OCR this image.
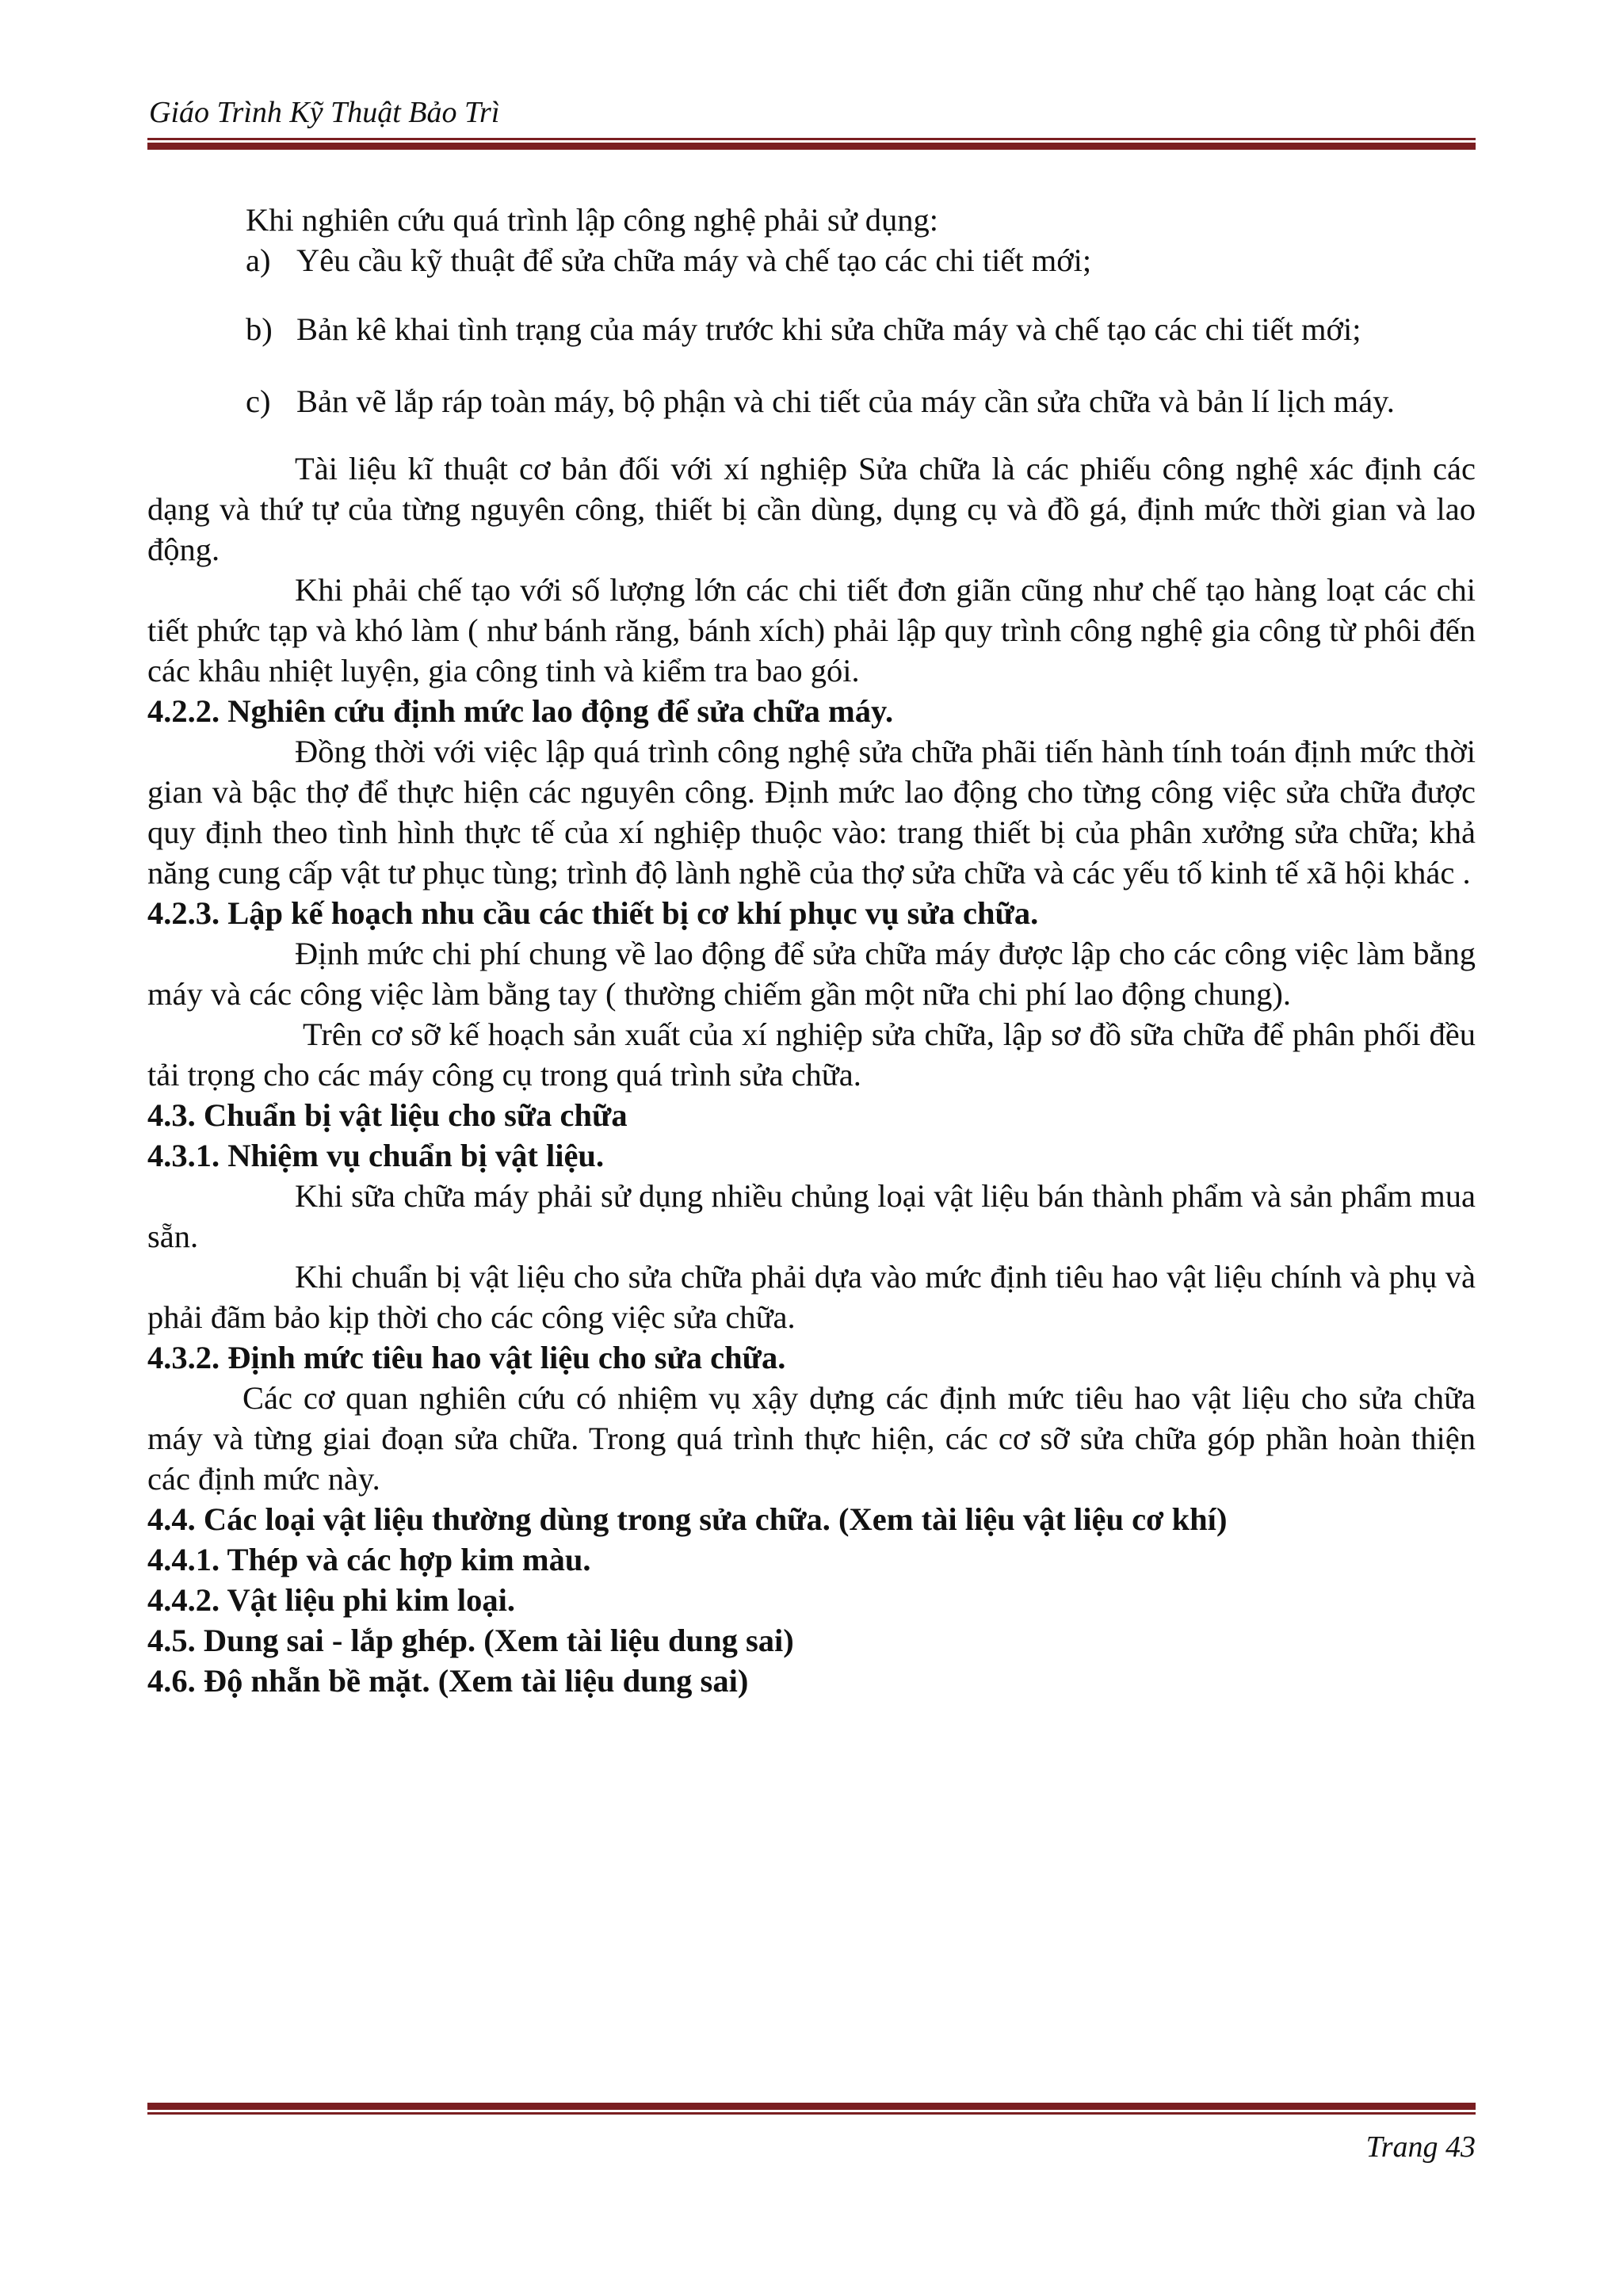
Giáo Trình Kỹ Thuật Bảo Trì

Khi nghiên cứu quá trình lập công nghệ phải sử dụng:

a) Yêu cầu kỹ thuật để sửa chữa máy và chế tạo các chi tiết mới;
b) Bản kê khai tình trạng của máy trước khi sửa chữa máy và chế tạo các chi tiết mới;
c) Bản vẽ lắp ráp toàn máy, bộ phận và chi tiết của máy cần sửa chữa và bản lí lịch máy.

Tài liệu kĩ thuật cơ bản đối với xí nghiệp Sửa chữa là các phiếu công nghệ xác định các dạng và thứ tự của từng nguyên công, thiết bị cần dùng, dụng cụ và đồ gá, định mức thời gian và lao động.

Khi phải chế tạo với số lượng lớn các chi tiết đơn giãn cũng như chế tạo hàng loạt các chi tiết phức tạp và khó làm ( như bánh răng, bánh xích) phải lập quy trình công nghệ gia công từ phôi đến các khâu nhiệt luyện, gia công tinh và kiểm tra bao gói.

4.2.2. Nghiên cứu định mức lao động để sửa chữa máy.

Đồng thời với việc lập quá trình công nghệ sửa chữa phãi tiến hành tính toán định mức thời gian và bậc thợ để thực hiện các nguyên công. Định mức lao động cho từng công việc sửa chữa được quy định theo tình hình thực tế của xí nghiệp thuộc vào: trang thiết bị của phân xưởng sửa chữa; khả năng cung cấp vật tư phục tùng; trình độ lành nghề của thợ sửa chữa và các yếu tố kinh tế xã hội khác .

4.2.3. Lập kế hoạch nhu cầu các thiết bị cơ khí phục vụ sửa chữa.

Định mức chi phí chung về lao động để sửa chữa máy được lập cho các công việc làm bằng máy và các công việc làm bằng tay ( thường chiếm gần một nữa chi phí lao động chung).

Trên cơ sỡ kế hoạch sản xuất của xí nghiệp sửa chữa, lập sơ đồ sữa chữa để phân phối đều tải trọng cho các máy công cụ trong quá trình sửa chữa.

4.3. Chuẩn bị vật liệu cho sữa chữa

4.3.1. Nhiệm vụ chuẩn bị vật liệu.

Khi sữa chữa máy phải sử dụng nhiều chủng loại vật liệu bán thành phẩm và sản phẩm mua sẵn.

Khi chuẩn bị vật liệu cho sửa chữa phải dựa vào mức định tiêu hao vật liệu chính và phụ và phải đãm bảo kịp thời cho các công việc sửa chữa.

4.3.2. Định mức tiêu hao vật liệu cho sửa chữa.

Các cơ quan nghiên cứu có nhiệm vụ xậy dựng các định mức tiêu hao vật liệu cho sửa chữa máy và từng giai đoạn sửa chữa. Trong quá trình thực hiện, các cơ sỡ sửa chữa góp phần hoàn thiện các định mức này.

4.4. Các loại vật liệu thường dùng trong sửa chữa. (Xem tài liệu vật liệu cơ khí)

4.4.1. Thép và các hợp kim màu.

4.4.2. Vật liệu phi kim loại.

4.5. Dung sai - lắp ghép. (Xem tài liệu dung sai)

4.6. Độ nhẵn bề mặt. (Xem tài liệu dung sai)

Trang 43
